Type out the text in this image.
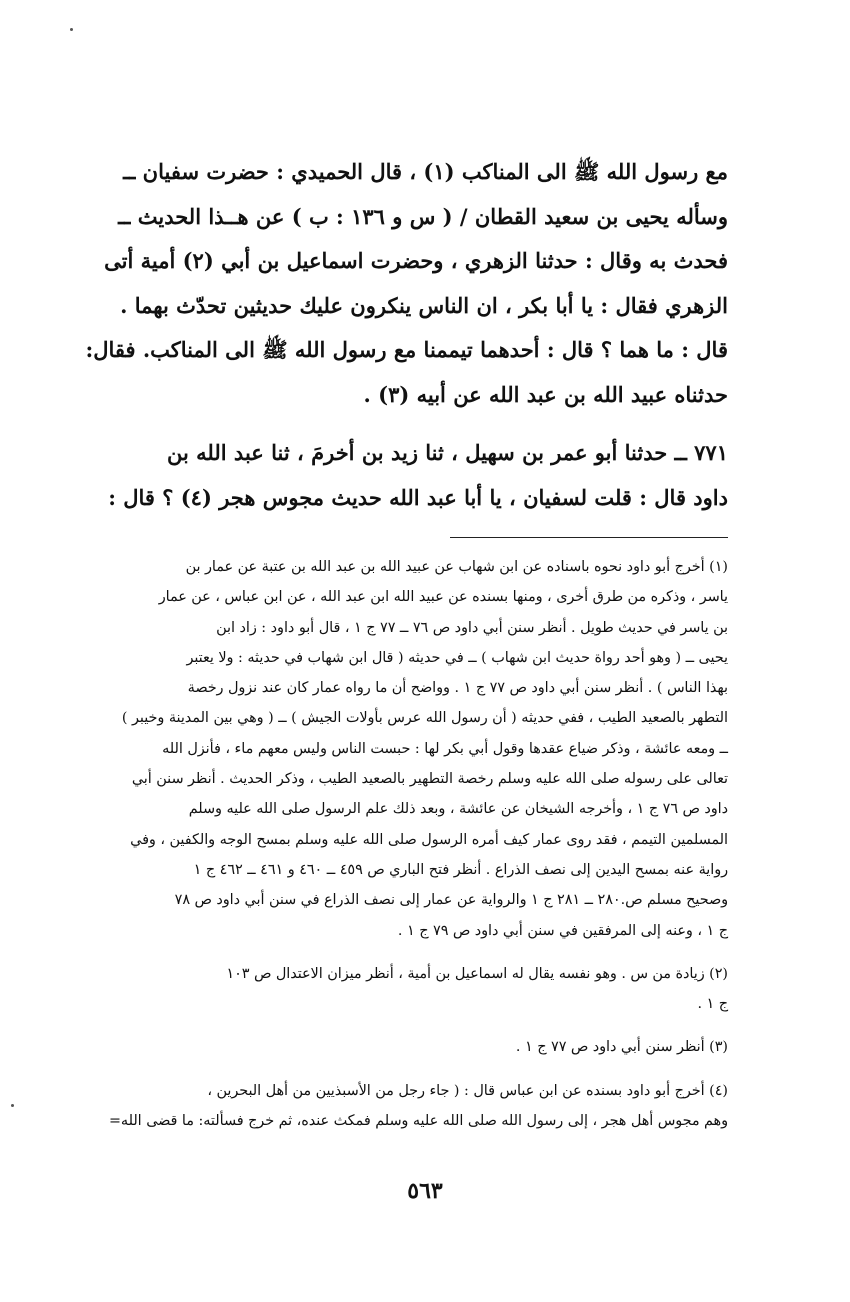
مع رسول الله ﷺ الى المناكب (١) ، قال الحميدي : حضرت سفيان ــ
وسأله يحيى بن سعيد القطان / ( س و ١٣٦ : ب ) عن هــذا الحديث ــ
فحدث به وقال : حدثنا الزهري ، وحضرت اسماعيل بن أبي (٢) أمية أتى
الزهري فقال : يا أبا بكر ، ان الناس ينكرون عليك حديثين تحدّث بهما .
قال : ما هما ؟ قال : أحدهما تيممنا مع رسول الله ﷺ الى المناكب. فقال:
حدثناه عبيد الله بن عبد الله عن أبيه (٣) .
٧٧١ ــ حدثنا أبو عمر بن سهيل ، ثنا زيد بن أخرمَ ، ثنا عبد الله بن
داود قال : قلت لسفيان ، يا أبا عبد الله حديث مجوس هجر (٤) ؟ قال :
(١) أخرج أبو داود نحوه باسناده عن ابن شهاب عن عبيد الله بن عبد الله بن عتبة عن عمار بن
ياسر ، وذكره من طرق أخرى ، ومنها بسنده عن عبيد الله ابن عبد الله ، عن ابن عباس ، عن عمار
بن ياسر في حديث طويل . أنظر سنن أبي داود ص ٧٦ ــ ٧٧ ج ١ ، قال أبو داود : زاد ابن
يحيى ــ ( وهو أحد رواة حديث ابن شهاب ) ــ في حديثه ( قال ابن شهاب في حديثه : ولا يعتبر
بهذا الناس ) . أنظر سنن أبي داود ص ٧٧ ج ١ . وواضح أن ما رواه عمار كان عند نزول رخصة
التطهر بالصعيد الطيب ، ففي حديثه ( أن رسول الله عرس بأولات الجيش ) ــ ( وهي بين المدينة وخيبر )
ــ ومعه عائشة ، وذكر ضياع عقدها وقول أبي بكر لها : حبست الناس وليس معهم ماء ، فأنزل الله
تعالى على رسوله صلى الله عليه وسلم رخصة التطهير بالصعيد الطيب ، وذكر الحديث . أنظر سنن أبي
داود ص ٧٦ ج ١ ، وأخرجه الشيخان عن عائشة ، وبعد ذلك علم الرسول صلى الله عليه وسلم
المسلمين التيمم ، فقد روى عمار كيف أمره الرسول صلى الله عليه وسلم بمسح الوجه والكفين ، وفي
رواية عنه بمسح اليدين إلى نصف الذراع . أنظر فتح الباري ص ٤٥٩ ــ ٤٦٠ و ٤٦١ ــ ٤٦٢ ج ١
وصحيح مسلم ص.٢٨٠ ــ ٢٨١ ج ١ والرواية عن عمار إلى نصف الذراع في سنن أبي داود ص ٧٨
ج ١ ، وعنه إلى المرفقين في سنن أبي داود ص ٧٩ ج ١ .
(٢) زيادة من س . وهو نفسه يقال له اسماعيل بن أمية ، أنظر ميزان الاعتدال ص ١٠٣
ج ١ .
(٣) أنظر سنن أبي داود ص ٧٧ ج ١ .
(٤) أخرج أبو داود بسنده عن ابن عباس قال : ( جاء رجل من الأسبذيين من أهل البحرين ،
وهم مجوس أهل هجر ، إلى رسول الله صلى الله عليه وسلم فمكث عنده، ثم خرج فسألته: ما قضى الله=
٥٦٣
